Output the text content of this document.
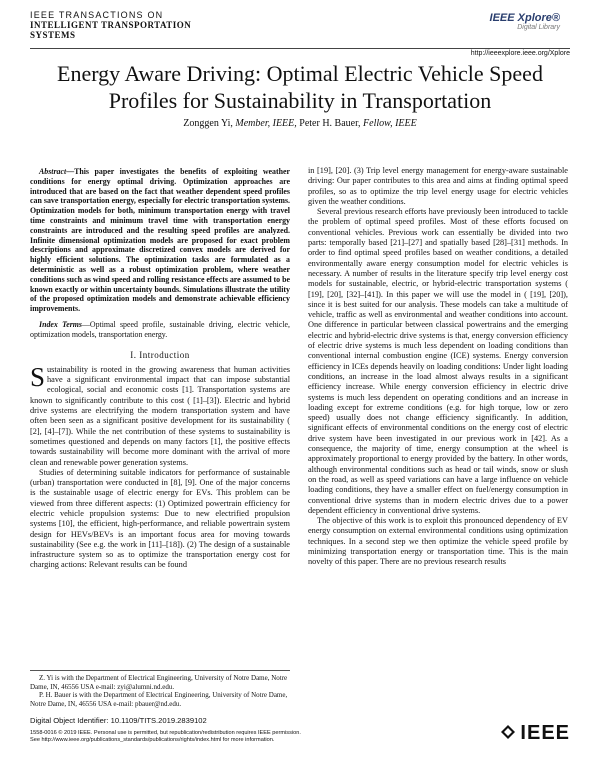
IEEE TRANSACTIONS ON
INTELLIGENT TRANSPORTATION
SYSTEMS
IEEE Xplore®
Digital Library
http://ieeexplore.ieee.org/Xplore
Energy Aware Driving: Optimal Electric Vehicle Speed Profiles for Sustainability in Transportation
Zonggen Yi, Member, IEEE, Peter H. Bauer, Fellow, IEEE

Abstract—This paper investigates the benefits of exploiting weather conditions for energy optimal driving. Optimization approaches are introduced that are based on the fact that weather dependent speed profiles can save transportation energy, especially for electric transportation systems. Optimization models for both, minimum transportation energy with travel time constraints and minimum travel time with transportation energy constraints are introduced and the resulting speed profiles are analyzed. Infinite dimensional optimization models are proposed for exact problem descriptions and approximate discretized convex models are derived for highly efficient solutions. The optimization tasks are formulated as a deterministic as well as a robust optimization problem, where weather conditions such as wind speed and rolling resistance effects are assumed to be known exactly or within uncertainty bounds. Simulations illustrate the utility of the proposed optimization models and demonstrate achievable efficiency improvements.

Index Terms—Optimal speed profile, sustainable driving, electric vehicle, optimization models, transportation energy.

I. Introduction

Sustainability is rooted in the growing awareness that human activities have a significant environmental impact that can impose substantial ecological, social and economic costs [1]. Transportation systems are known to significantly contribute to this cost ( [1]–[3]). Electric and hybrid drive systems are electrifying the modern transportation system and have often been seen as a significant positive development for its sustainability ( [2], [4]–[7]). While the net contribution of these systems to sustainability is sometimes questioned and depends on many factors [1], the positive effects towards sustainability will become more dominant with the arrival of more clean and renewable power generation systems.

Studies of determining suitable indicators for performance of sustainable (urban) transportation were conducted in [8], [9]. One of the major concerns is the sustainable usage of electric energy for EVs. This problem can be viewed from three different aspects: (1) Optimized powertrain efficiency for electric vehicle propulsion systems: Due to new electrified propulsion systems [10], the efficient, high-performance, and reliable powertrain system design for HEVs/BEVs is an important focus area for moving towards sustainability (See e.g. the work in [11]–[18]). (2) The design of a sustainable infrastructure system so as to optimize the transportation energy cost for charging actions: Relevant results can be found

in [19], [20]. (3) Trip level energy management for energy-aware sustainable driving: Our paper contributes to this area and aims at finding optimal speed profiles, so as to optimize the trip level energy usage for electric vehicles given the weather conditions.

Several previous research efforts have previously been introduced to tackle the problem of optimal speed profiles. Most of these efforts focused on conventional vehicles. Previous work can essentially be divided into two parts: temporally based [21]–[27] and spatially based [28]–[31] methods. In order to find optimal speed profiles based on weather conditions, a detailed environmentally aware energy consumption model for electric vehicles is necessary. A number of results in the literature specify trip level energy cost models for sustainable, electric, or hybrid-electric transportation systems ( [19], [20], [32]–[41]). In this paper we will use the model in ( [19], [20]), since it is best suited for our analysis. These models can take a multitude of vehicle, traffic as well as environmental and weather conditions into account. One difference in particular between classical powertrains and the emerging electric and hybrid-electric drive systems is that, energy conversion efficiency of electric drive systems is much less dependent on loading conditions than conventional internal combustion engine (ICE) systems. Energy conversion efficiency in ICEs depends heavily on loading conditions: Under light loading conditions, an increase in the load almost always results in a significant efficiency increase. While energy conversion efficiency in electric drive systems is much less dependent on operating conditions and an increase in loading except for extreme conditions (e.g. for high torque, low or zero speed) usually does not change efficiency significantly. In addition, significant effects of environmental conditions on the energy cost of electric drive system have been investigated in our previous work in [42]. As a consequence, the majority of time, energy consumption at the wheel is approximately proportional to energy provided by the battery. In other words, although environmental conditions such as head or tail winds, snow or slush on the road, as well as speed variations can have a large influence on vehicle loading conditions, they have a smaller effect on fuel/energy consumption in conventional drive systems than in modern electric drives due to a power dependent efficiency in conventional drive systems.

The objective of this work is to exploit this pronounced dependency of EV energy consumption on external environmental conditions using optimization techniques. In a second step we then optimize the vehicle speed profile by minimizing transportation energy or transportation time. This is the main novelty of this paper. There are no previous research results

Z. Yi is with the Department of Electrical Engineering, University of Notre Dame, Notre Dame, IN, 46556 USA e-mail: zyi@alumni.nd.edu.

P. H. Bauer is with the Department of Electrical Engineering, University of Notre Dame, Notre Dame, IN, 46556 USA e-mail: pbauer@nd.edu.

Digital Object Identifier: 10.1109/TITS.2019.2839102
1558-0016 © 2019 IEEE. Personal use is permitted, but republication/redistribution requires IEEE permission.
See http://www.ieee.org/publications_standards/publications/rights/index.html for more information.	IEEE
